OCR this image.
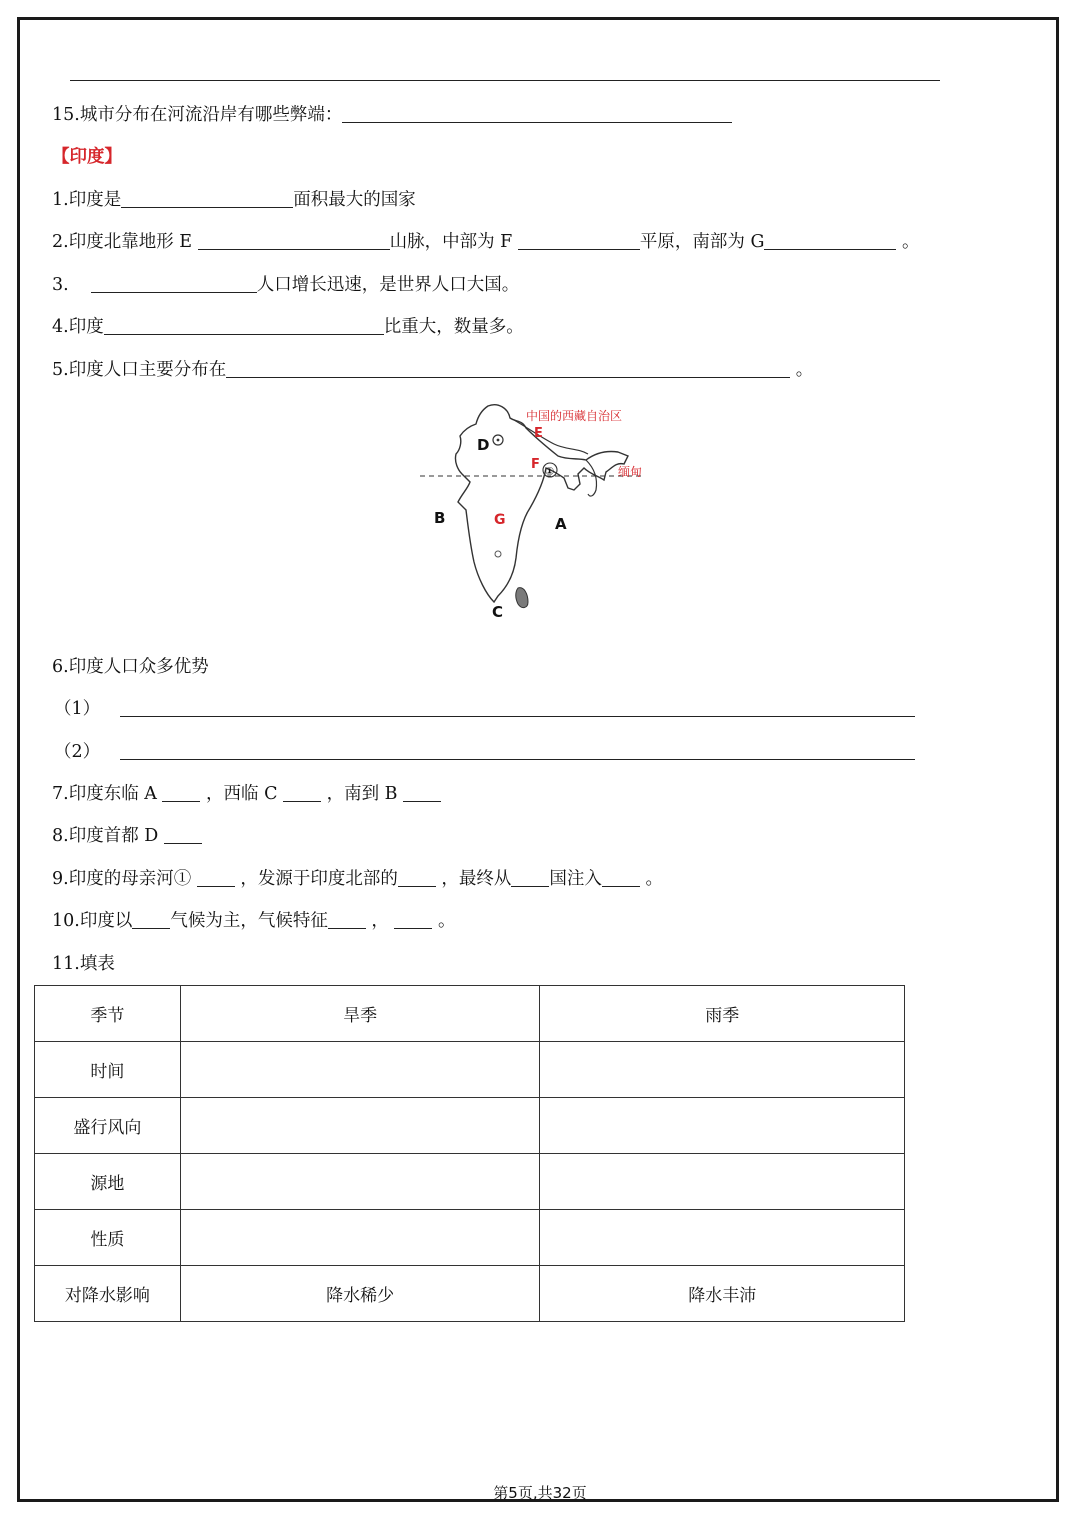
15.城市分布在河流沿岸有哪些弊端：
【印度】
1.印度是	面积最大的国家
2.印度北靠地形 E	山脉，中部为 F	平原，南部为 G	。
3.	人口增长迅速，是世界人口大国。
4.印度	比重大，数量多。
5.印度人口主要分布在	。
①
中国的西藏自治区
缅甸
E
F
G
D
A
B
C
6.印度人口众多优势
（1）
（2）
7.印度东临 A  ，西临 C  ，南到 B
8.印度首都 D
9.印度的母亲河①  ，发源于印度北部的 ，最终从 国注入 。
10.印度以 气候为主，气候特征 ，  。
11.填表
季节	旱季	雨季
时间		
盛行风向		
源地		
性质		
对降水影响	降水稀少	降水丰沛
第5页,共32页
